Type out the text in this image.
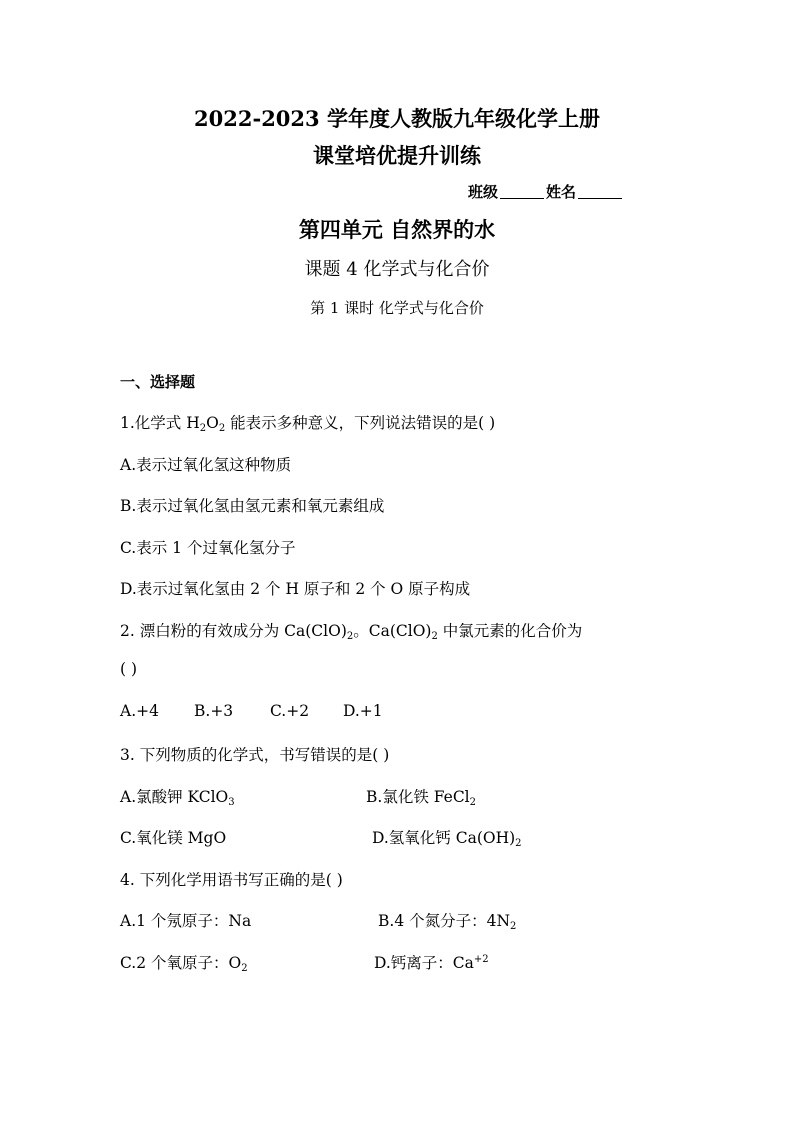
2022-2023 学年度人教版九年级化学上册
课堂培优提升训练
班级	姓名
第四单元 自然界的水
课题 4 化学式与化合价
第 1 课时 化学式与化合价
一、选择题
1.化学式 $H_2O_2$ 能表示多种意义，下列说法错误的是( )
A.表示过氧化氢这种物质
B.表示过氧化氢由氢元素和氧元素组成
C.表示 1 个过氧化氢分子
D.表示过氧化氢由 2 个 H 原子和 2 个 O 原子构成
2. 漂白粉的有效成分为 $Ca(ClO)_2$。$Ca(ClO)_2$ 中氯元素的化合价为
( )
A.+4 B.+3 C.+2 D.+1
3. 下列物质的化学式，书写错误的是( )
A.氯酸钾 KClO$_3$	B.氯化铁 FeCl$_2$
C.氧化镁 MgO	D.氢氧化钙 $Ca(OH)_2$
4. 下列化学用语书写正确的是( )
A.1 个氖原子：Na	B.4 个氮分子：$4N_2$
C.2 个氧原子：$O_2$	D.钙离子：$Ca^{+2}$
